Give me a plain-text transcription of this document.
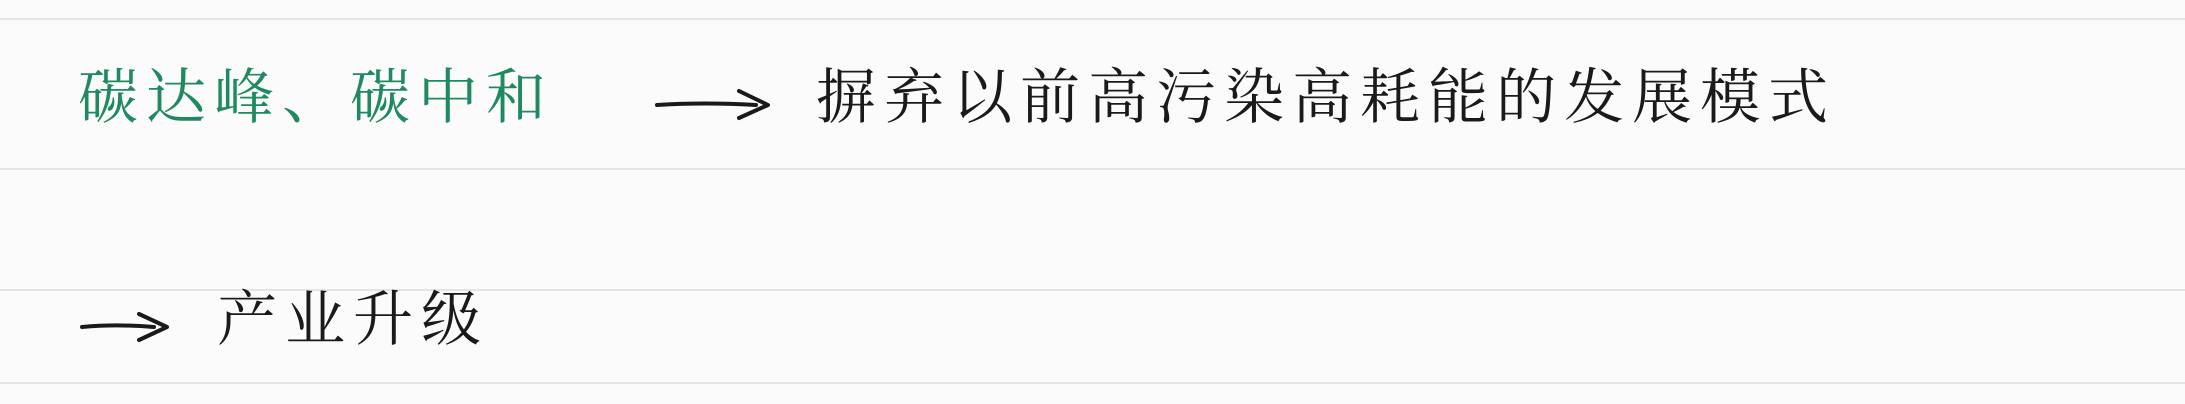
碳达峰、碳中和	摒弃以前高污染高耗能的发展模式
产业升级
